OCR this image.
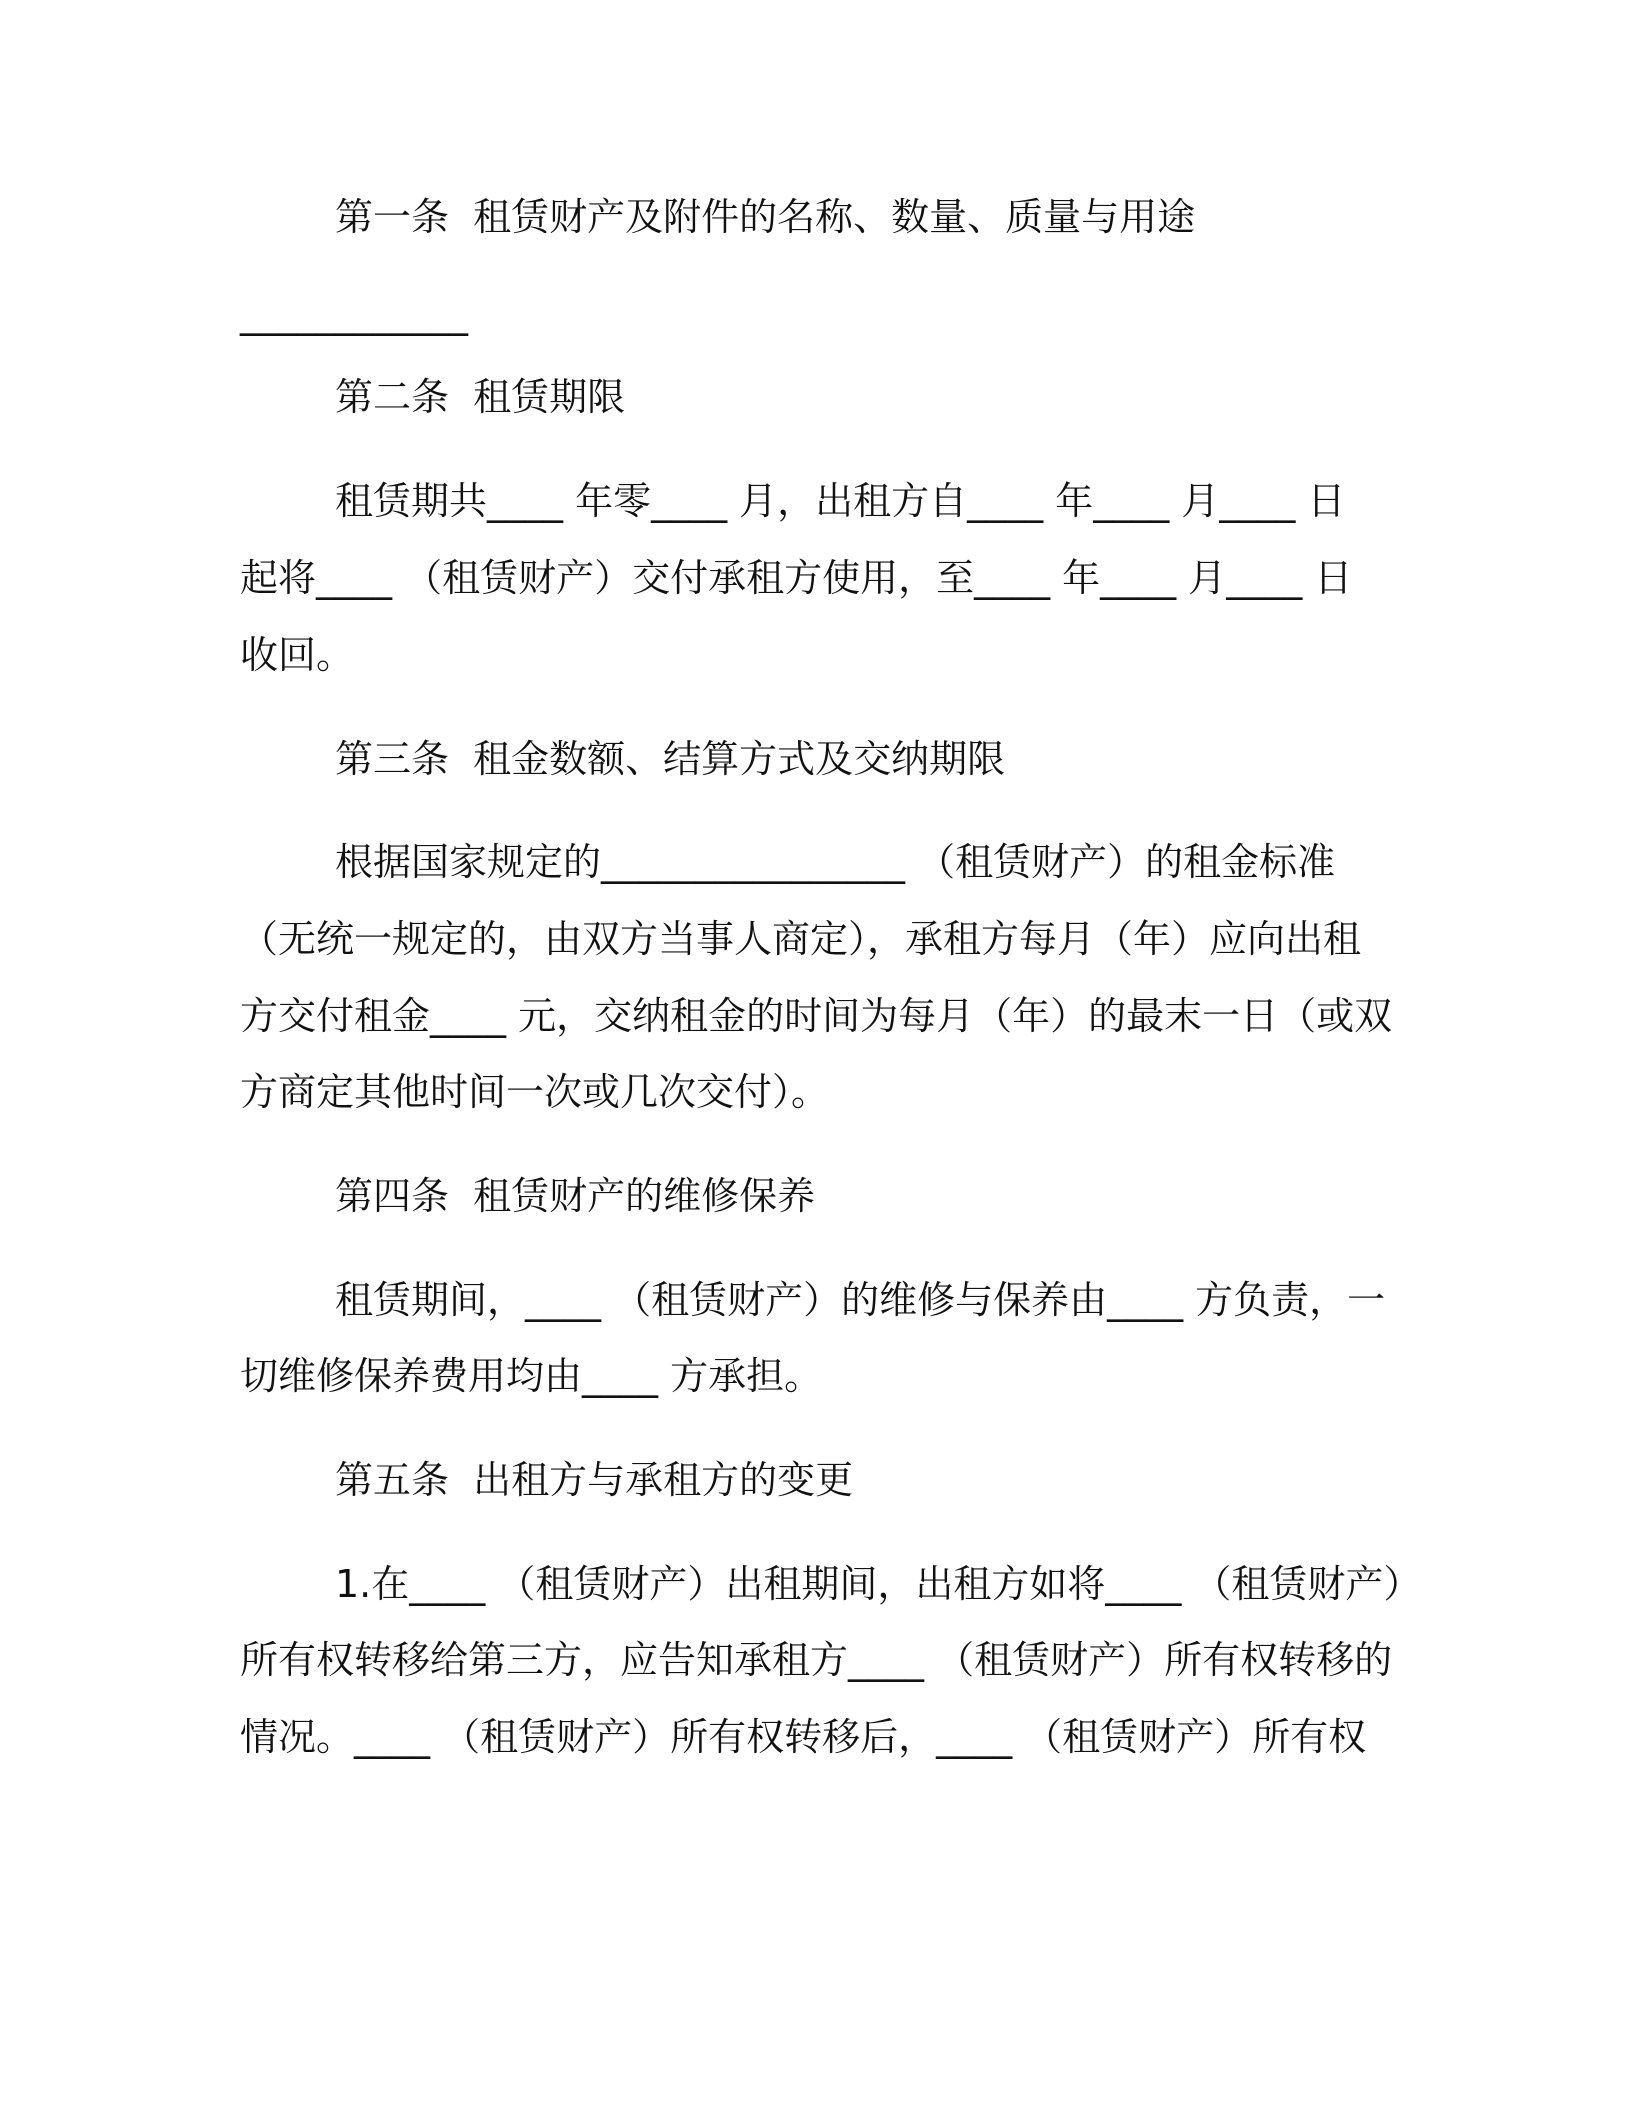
第一条  租赁财产及附件的名称、数量、质量与用途
____________
第二条  租赁期限
租赁期共____ 年零____ 月，出租方自____ 年____ 月____ 日
起将____ （租赁财产）交付承租方使用，至____ 年____ 月____ 日
收回。
第三条  租金数额、结算方式及交纳期限
根据国家规定的________________ （租赁财产）的租金标准
（无统一规定的，由双方当事人商定），承租方每月（年）应向出租
方交付租金____ 元，交纳租金的时间为每月（年）的最末一日（或双
方商定其他时间一次或几次交付）。
第四条  租赁财产的维修保养
租赁期间，____ （租赁财产）的维修与保养由____ 方负责，一
切维修保养费用均由____ 方承担。
第五条  出租方与承租方的变更
1.在____ （租赁财产）出租期间，出租方如将____ （租赁财产）
所有权转移给第三方，应告知承租方____ （租赁财产）所有权转移的
情况。____ （租赁财产）所有权转移后，____ （租赁财产）所有权
